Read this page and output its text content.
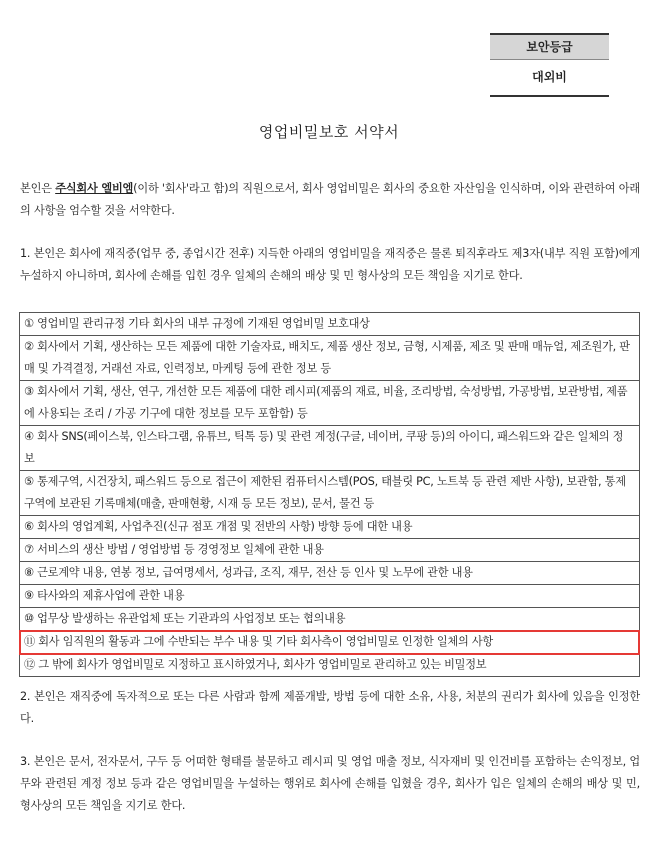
보안등급
대외비
영업비밀보호 서약서
본인은 주식회사 엘비엠(이하 '회사'라고 함)의 직원으로서, 회사 영업비밀은 회사의 중요한 자산임을 인식하며, 이와 관련하여 아래의 사항을 엄수할 것을 서약한다.
1. 본인은 회사에 재직중(업무 중, 종업시간 전후) 지득한 아래의 영업비밀을 재직중은 물론 퇴직후라도 제3자(내부 직원 포함)에게 누설하지 아니하며, 회사에 손해를 입힌 경우 일체의 손해의 배상 및 민 형사상의 모든 책임을 지기로 한다.
① 영업비밀 관리규정 기타 회사의 내부 규정에 기재된 영업비밀 보호대상
② 회사에서 기획, 생산하는 모든 제품에 대한 기술자료, 배치도, 제품 생산 정보, 금형, 시제품, 제조 및 판매 매뉴얼, 제조원가, 판매 및 가격결정, 거래선 자료, 인력정보, 마케팅 등에 관한 정보 등
③ 회사에서 기획, 생산, 연구, 개선한 모든 제품에 대한 레시피(제품의 재료, 비율, 조리방법, 숙성방법, 가공방법, 보관방법, 제품에 사용되는 조리 / 가공 기구에 대한 정보를 모두 포함함) 등
④ 회사 SNS(페이스북, 인스타그램, 유튜브, 틱톡 등) 및 관련 계정(구글, 네이버, 쿠팡 등)의 아이디, 패스워드와 같은 일체의 정보
⑤ 통제구역, 시건장치, 패스워드 등으로 접근이 제한된 컴퓨터시스템(POS, 태블릿 PC, 노트북 등 관련 제반 사항), 보관함, 통제구역에 보관된 기록매체(매출, 판매현황, 시재 등 모든 정보), 문서, 물건 등
⑥ 회사의 영업계획, 사업추진(신규 점포 개점 및 전반의 사항) 방향 등에 대한 내용
⑦ 서비스의 생산 방법 / 영업방법 등 경영정보 일체에 관한 내용
⑧ 근로계약 내용, 연봉 정보, 급여명세서, 성과급, 조직, 재무, 전산 등 인사 및 노무에 관한 내용
⑨ 타사와의 제휴사업에 관한 내용
⑩ 업무상 발생하는 유관업체 또는 기관과의 사업정보 또는 협의내용
⑪ 회사 임직원의 활동과 그에 수반되는 부수 내용 및 기타 회사측이 영업비밀로 인정한 일체의 사항
⑫ 그 밖에 회사가 영업비밀로 지정하고 표시하였거나, 회사가 영업비밀로 관리하고 있는 비밀정보
2. 본인은 재직중에 독자적으로 또는 다른 사람과 함께 제품개발, 방법 등에 대한 소유, 사용, 처분의 권리가 회사에 있음을 인정한다.
3. 본인은 문서, 전자문서, 구두 등 어떠한 형태를 불문하고 레시피 및 영업 매출 정보, 식자재비 및 인건비를 포함하는 손익정보, 업무와 관련된 계정 정보 등과 같은 영업비밀을 누설하는 행위로 회사에 손해를 입혔을 경우, 회사가 입은 일체의 손해의 배상 및 민, 형사상의 모든 책임을 지기로 한다.
